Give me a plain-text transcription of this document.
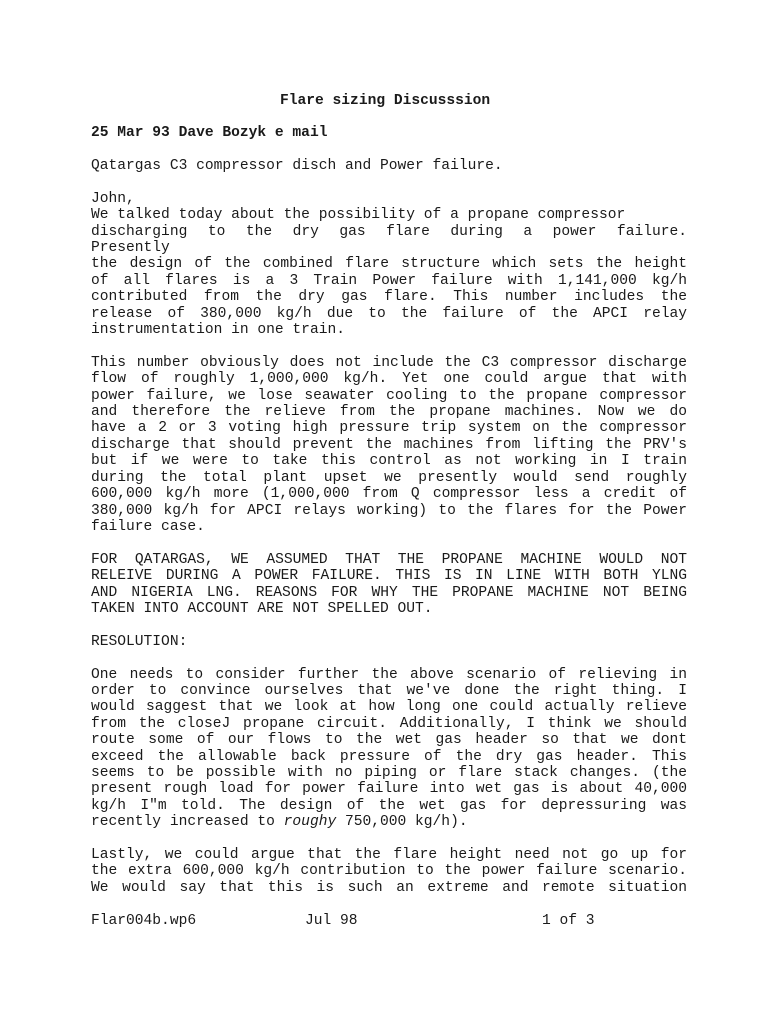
Flare sizing Discusssion
25 Mar 93 Dave Bozyk e mail

Qatargas C3 compressor disch and Power failure.

John,
We talked today about the possibility of a propane compressor
discharging to the dry gas flare during a power failure.
Presently
the design of the combined flare structure which sets the height
of all flares is a 3 Train Power failure with 1,141,000 kg/h
contributed from the dry gas flare. This number includes the
release of 380,000 kg/h due to the failure of the APCI relay
instrumentation in one train.

This number obviously does not include the C3 compressor discharge
flow of roughly 1,000,000 kg/h. Yet one could argue that with
power failure, we lose seawater cooling to the propane compressor
and therefore the relieve from the propane machines. Now we do
have a 2 or 3 voting high pressure trip system on the compressor
discharge that should prevent the machines from lifting the PRV's
but if we were to take this control as not working in I train
during the total plant upset we presently would send roughly
600,000 kg/h more (1,000,000 from Q compressor less a credit of
380,000 kg/h for APCI relays working) to the flares for the Power
failure case.

FOR QATARGAS, WE ASSUMED THAT THE PROPANE MACHINE WOULD NOT
RELEIVE DURING A POWER FAILURE. THIS IS IN LINE WITH BOTH YLNG
AND NIGERIA LNG. REASONS FOR WHY THE PROPANE MACHINE NOT BEING
TAKEN INTO ACCOUNT ARE NOT SPELLED OUT.

RESOLUTION:

One needs to consider further the above scenario of relieving in
order to convince ourselves that we've done the right thing. I
would saggest that we look at how long one could actually relieve
from the closeJ propane circuit. Additionally, I think we should
route some of our flows to the wet gas header so that we dont
exceed the allowable back pressure of the dry gas header. This
seems to be possible with no piping or flare stack changes. (the
present rough load for power failure into wet gas is about 40,000
kg/h I"m told. The design of the wet gas for depressuring was
recently increased to roughy 750,000 kg/h).

Lastly, we could argue that the flare height need not go up for
the extra 600,000 kg/h contribution to the power failure scenario.
We would say that this is such an extreme and remote situation

Flar004b.wp6

	Jul 98

	1 of 3
